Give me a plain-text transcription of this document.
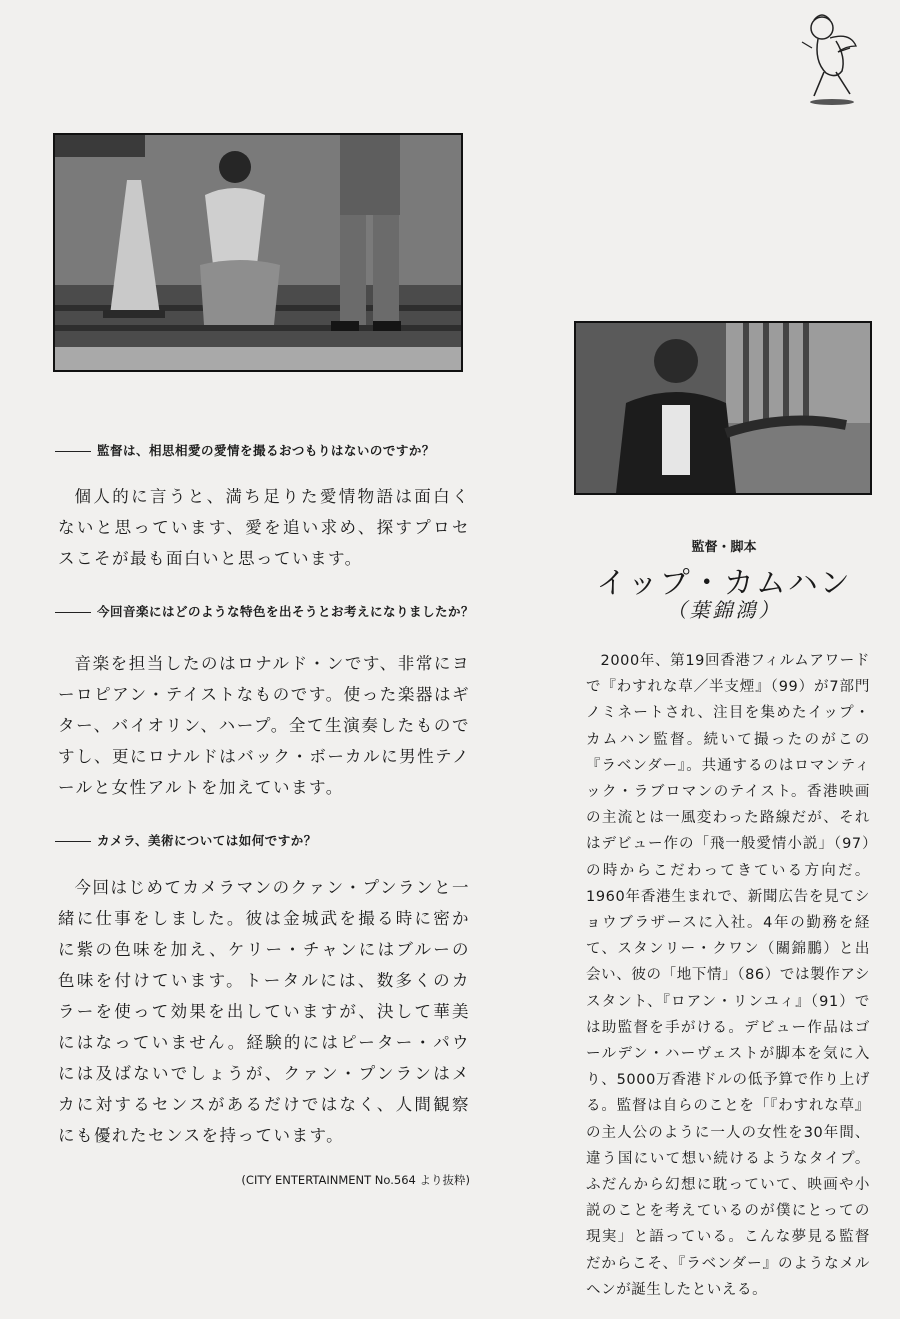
監督は、相思相愛の愛情を撮るおつもりはないのですか？
個人的に言うと、満ち足りた愛情物語は面白くないと思っています、愛を追い求め、探すプロセスこそが最も面白いと思っています。
今回音楽にはどのような特色を出そうとお考えになりましたか？
音楽を担当したのはロナルド・ンです、非常にヨーロピアン・テイストなものです。使った楽器はギター、バイオリン、ハープ。全て生演奏したものですし、更にロナルドはバック・ボーカルに男性テノールと女性アルトを加えています。
カメラ、美術については如何ですか？
今回はじめてカメラマンのクァン・プンランと一緒に仕事をしました。彼は金城武を撮る時に密かに紫の色味を加え、ケリー・チャンにはブルーの色味を付けています。トータルには、数多くのカラーを使って効果を出していますが、決して華美にはなっていません。経験的にはピーター・パウには及ばないでしょうが、クァン・プンランはメカに対するセンスがあるだけではなく、人間観察にも優れたセンスを持っています。
(CITY ENTERTAINMENT No.564 より抜粋)
監督・脚本
イップ・カムハン
（葉錦鴻）
2000年、第19回香港フィルムアワードで『わすれな草／半支煙』（99）が7部門ノミネートされ、注目を集めたイップ・カムハン監督。続いて撮ったのがこの『ラベンダー』。共通するのはロマンティック・ラブロマンのテイスト。香港映画の主流とは一風変わった路線だが、それはデビュー作の「飛一般愛情小説」（97）の時からこだわってきている方向だ。1960年香港生まれで、新聞広告を見てショウブラザースに入社。4年の勤務を経て、スタンリー・クワン（關錦鵬）と出会い、彼の「地下情」（86）では製作アシスタント、『ロアン・リンユィ』（91）では助監督を手がける。デビュー作品はゴールデン・ハーヴェストが脚本を気に入り、5000万香港ドルの低予算で作り上げる。監督は自らのことを「『わすれな草』の主人公のように一人の女性を30年間、違う国にいて想い続けるようなタイプ。ふだんから幻想に耽っていて、映画や小説のことを考えているのが僕にとっての現実」と語っている。こんな夢見る監督だからこそ、『ラベンダー』のようなメルヘンが誕生したといえる。
